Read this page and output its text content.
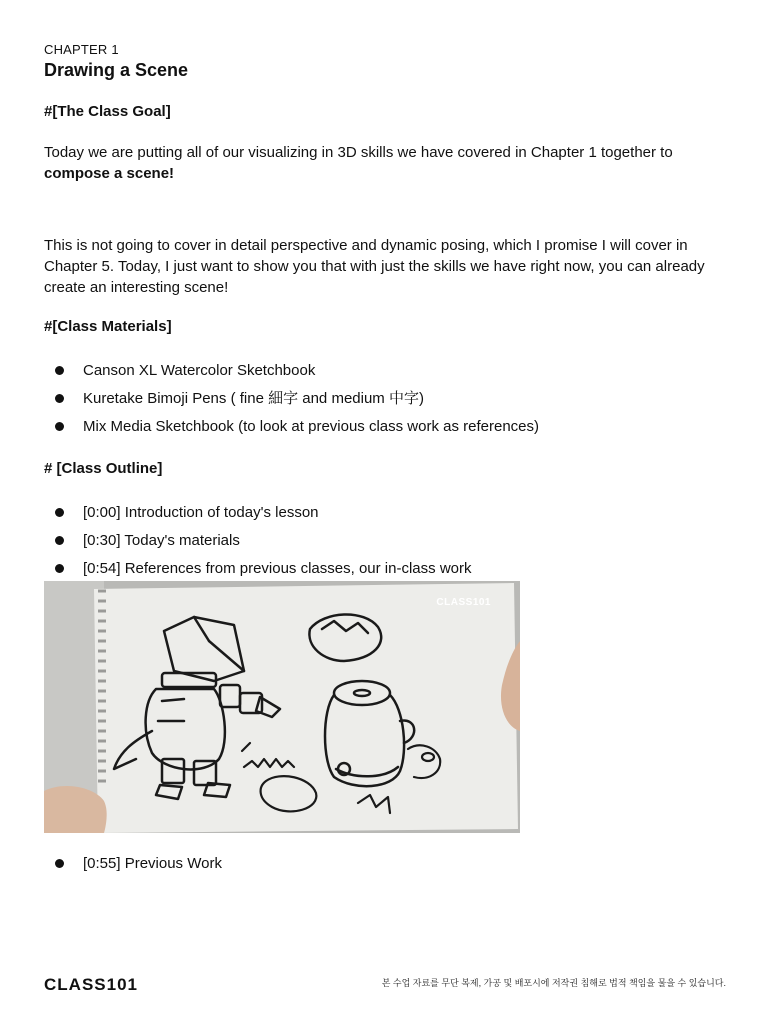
CHAPTER 1
Drawing a Scene
#[The Class Goal]

Today we are putting all of our visualizing in 3D skills we have covered in Chapter 1 together to compose a scene!

This is not going to cover in detail perspective and dynamic posing, which I promise I will cover in Chapter 5. Today, I just want to show you that with just the skills we have right now, you can already create an interesting scene!

#[Class Materials]
Canson XL Watercolor Sketchbook
Kuretake Bimoji Pens ( fine 細字 and medium 中字)
Mix Media Sketchbook (to look at previous class work as references)
# [Class Outline]
[0:00] Introduction of today's lesson
[0:30] Today's materials
[0:54] References from previous classes, our in-class work
[0:55] Previous Work
CLASS101
CLASS101	본 수업 자료를 무단 복제, 가공 및 배포시에 저작권 침해로 법적 책임을 물을 수 있습니다.
